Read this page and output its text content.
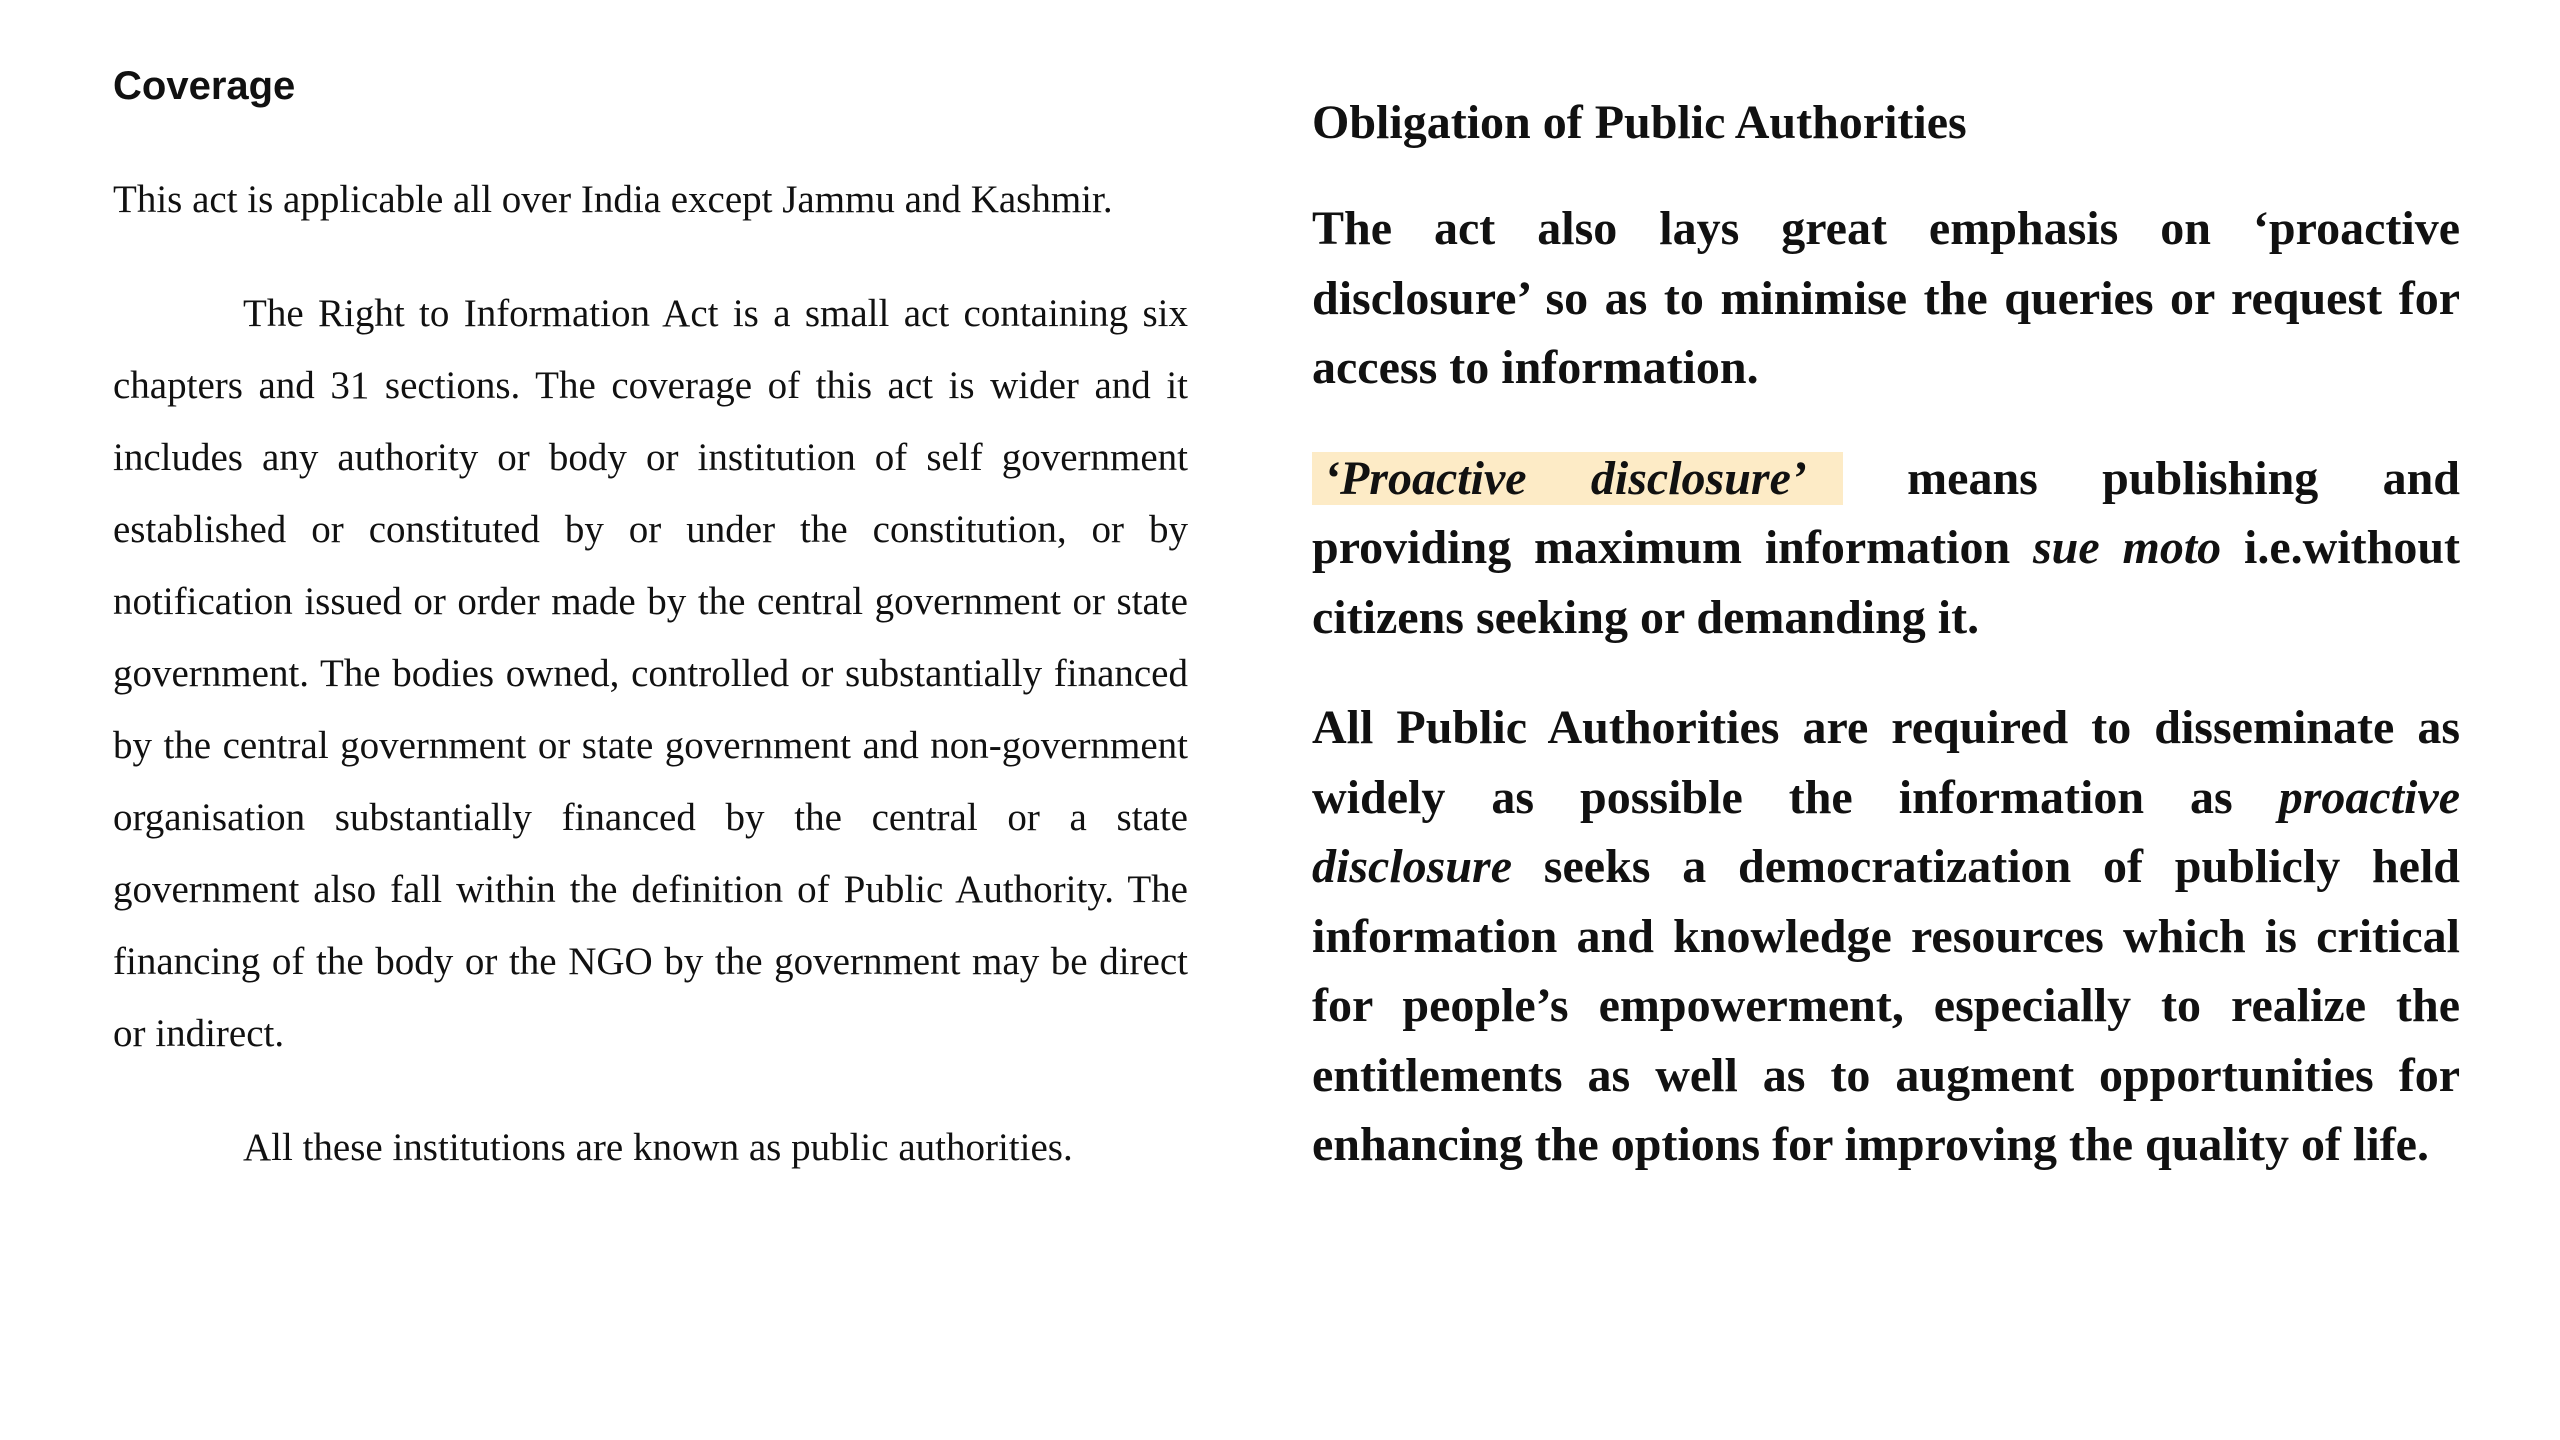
Coverage

This act is applicable all over India except Jammu and Kashmir.

The Right to Information Act is a small act containing six chapters and 31 sections. The coverage of this act is wider and it includes any authority or body or institution of self government established or constituted by or under the constitution, or by notification issued or order made by the central government or state government. The bodies owned, controlled or substantially financed by the central government or state government and non-government organisation substantially financed by the central or a state government also fall within the definition of Public Authority. The financing of the body or the NGO by the government may be direct or indirect.

All these institutions are known as public authorities.

Obligation of Public Authorities

The act also lays great emphasis on ‘proactive disclosure’ so as to minimise the queries or request for access to information.

‘Proactive disclosure’ means publishing and providing maximum information sue moto i.e.without citizens seeking or demanding it.

All Public Authorities are required to disseminate as widely as possible the information as proactive disclosure seeks a democratization of publicly held information and knowledge resources which is critical for people’s empowerment, especially to realize the entitlements as well as to augment opportunities for enhancing the options for improving the quality of life.
